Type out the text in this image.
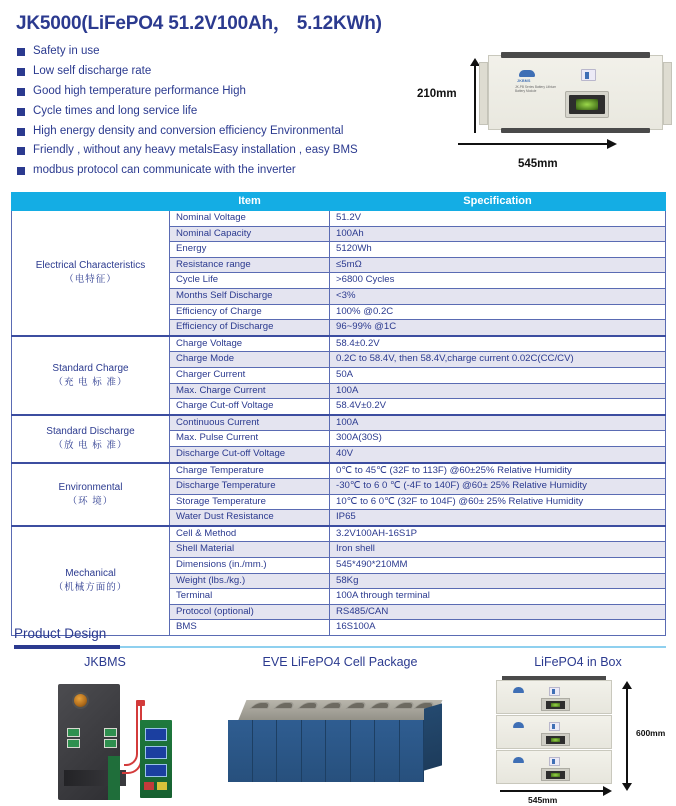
JK5000(LiFePO4 51.2V100Ah， 5.12KWh)
Safety in use
Low self discharge rate
Good high temperature performance High
Cycle times and long service life
High energy density and conversion efficiency Environmental
Friendly , without any heavy metalsEasy installation , easy BMS
modbus protocol can communicate with the inverter
210mm
545mm
JKBMS
JK-PB Series Battery Lithium Battery Module
	Item	Specification
Electrical Characteristics
（电特征）	Nominal Voltage	51.2V
	Nominal Capacity	100Ah
	Energy	5120Wh
	Resistance range	≤5mΩ
	Cycle Life	>6800 Cycles
	Months Self Discharge	<3%
	Efficiency of Charge	100% @0.2C
	Efficiency of Discharge	96~99% @1C
Standard Charge
（充 电 标 准）	Charge Voltage	58.4±0.2V
	Charge Mode	0.2C to 58.4V, then 58.4V,charge current 0.02C(CC/CV)
	Charger Current	50A
	Max. Charge Current	100A
	Charge Cut-off Voltage	58.4V±0.2V
Standard Discharge
（放 电 标 准）	Continuous Current	100A
	Max. Pulse Current	300A(30S)
	Discharge Cut-off Voltage	40V
Environmental
（环 境）	Charge Temperature	0℃ to 45℃ (32F to 113F) @60±25% Relative Humidity
	Discharge Temperature	-30℃ to 6 0 ℃ (-4F to 140F) @60± 25% Relative Humidity
	Storage Temperature	10℃ to 6 0℃ (32F to 104F) @60± 25% Relative Humidity
	Water Dust Resistance	IP65
Mechanical
（机械方面的）	Cell & Method	3.2V100AH-16S1P
	Shell Material	Iron shell
	Dimensions (in./mm.)	545*490*210MM
	Weight (lbs./kg.)	58Kg
	Terminal	100A through terminal
	Protocol (optional)	RS485/CAN
	BMS	16S100A
Product Design
JKBMS	EVE LiFePO4 Cell Package	LiFePO4 in Box
600mm
545mm
